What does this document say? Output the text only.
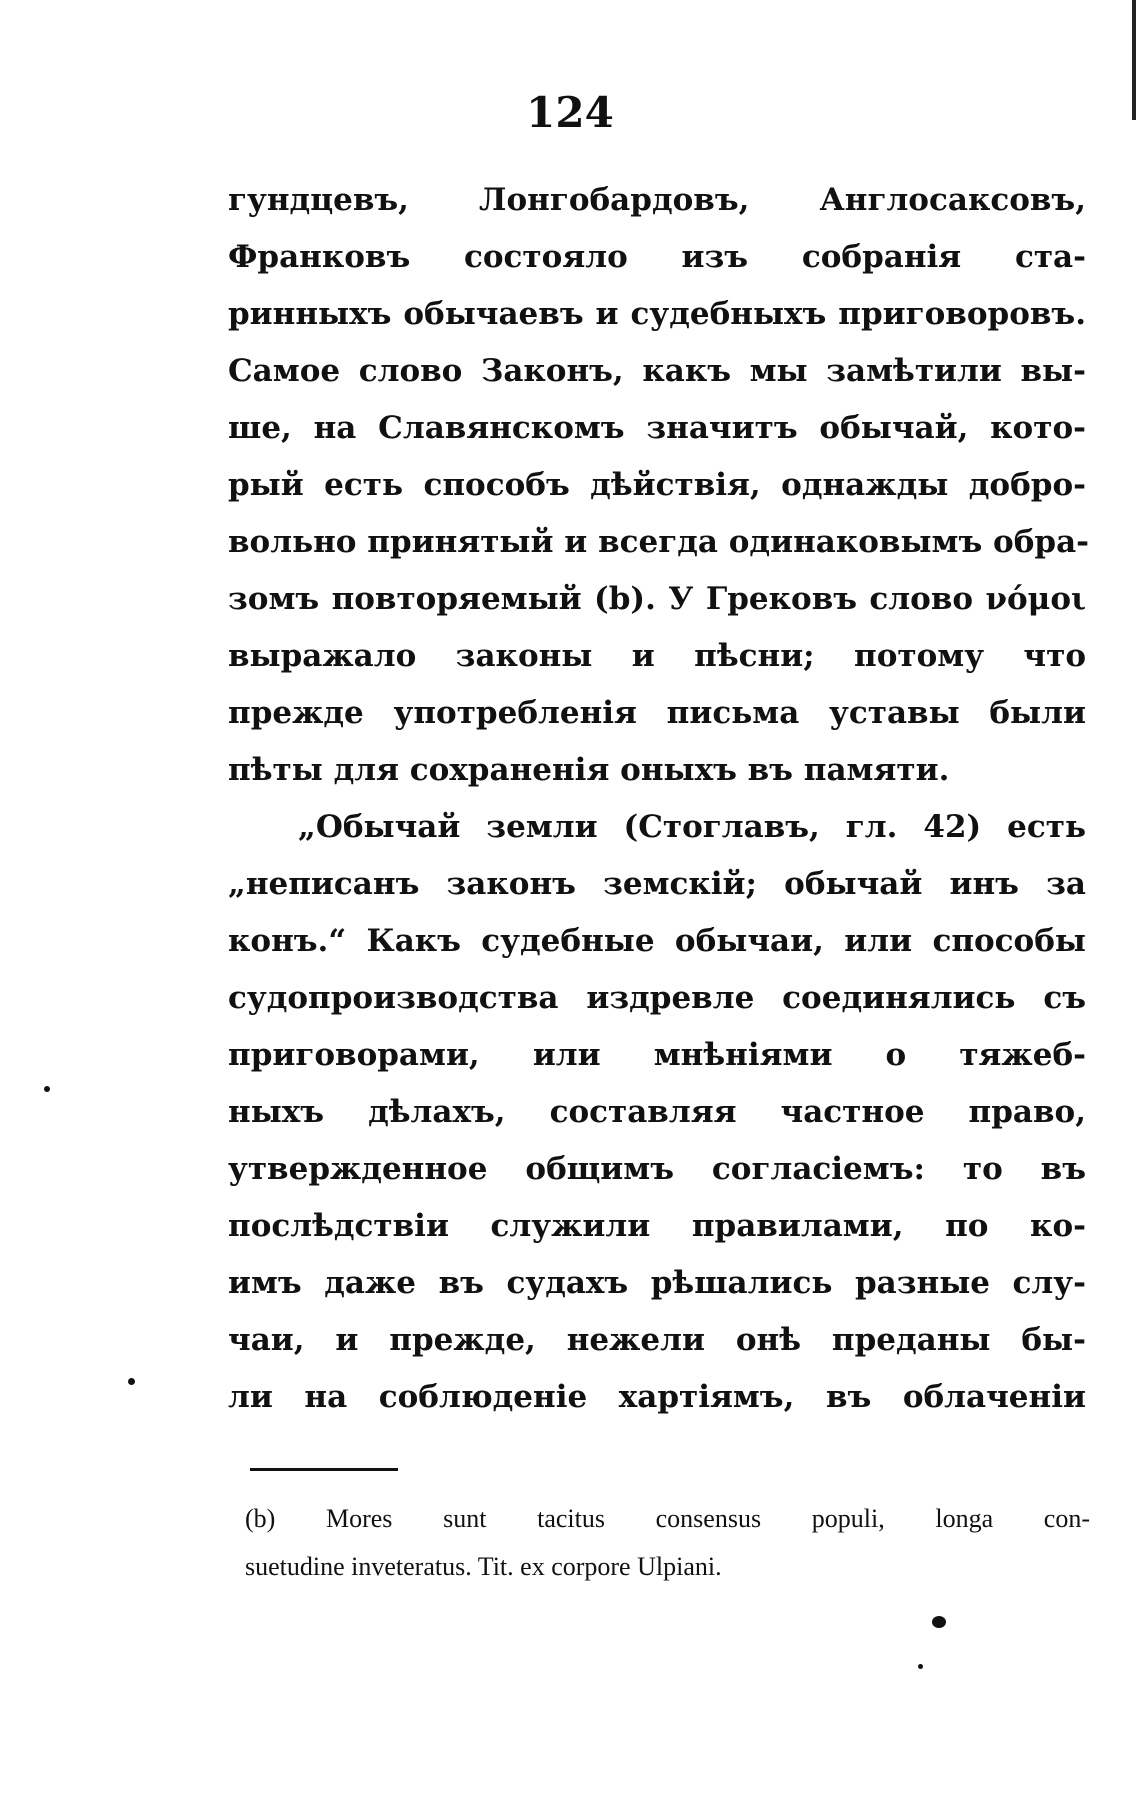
124
гундцевъ, Лонгобардовъ, Англосаксовъ,
Франковъ состояло изъ собранія ста-
ринныхъ обычаевъ и судебныхъ приговоровъ.
Самое слово Законъ, какъ мы замѣтили вы-
ше, на Славянскомъ значитъ обычай, кото-
рый есть способъ дѣйствія, однажды добро-
вольно принятый и всегда одинаковымъ обра-
зомъ повторяемый (b). У Грековъ слово νόμοι
выражало законы и пѣсни; потому что
прежде употребленія письма уставы были
пѣты для сохраненія оныхъ въ памяти.
„Обычай земли (Стоглавъ, гл. 42) есть
„неписанъ законъ земскій; обычай инъ за
конъ.“ Какъ судебные обычаи, или способы
судопроизводства издревле соединялись съ
приговорами, или мнѣніями о тяжеб-
ныхъ дѣлахъ, составляя частное право,
утвержденное общимъ согласіемъ: то въ
послѣдствіи служили правилами, по ко-
имъ даже въ судахъ рѣшались разные слу-
чаи, и прежде, нежели онѣ преданы бы-
ли на соблюденіе хартіямъ, въ облаченіи
(b) Mores sunt tacitus consensus populi, longa con-
suetudine inveteratus. Tit. ex corpore Ulpiani.
